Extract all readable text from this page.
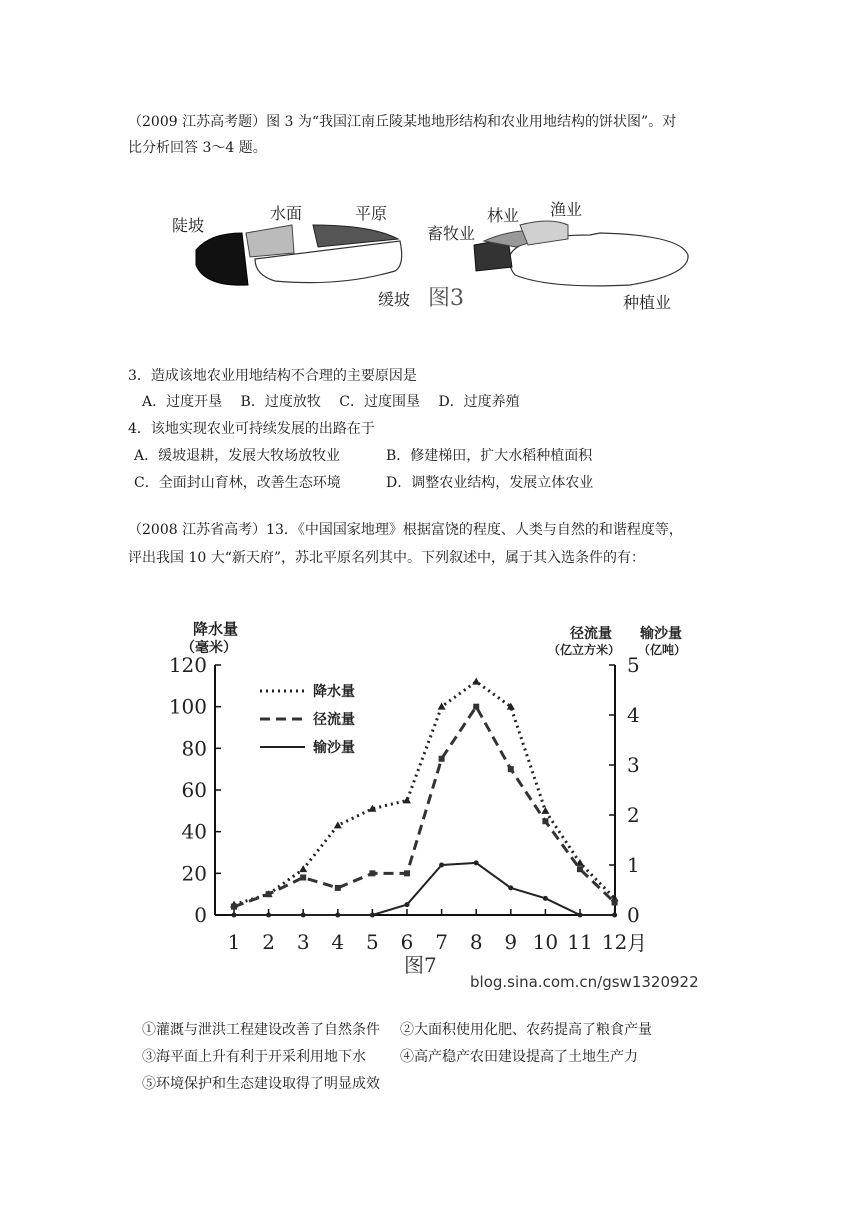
（2009 江苏高考题）图 3 为“我国江南丘陵某地地形结构和农业用地结构的饼状图”。对
比分析回答 3～4 题。
陡坡
水面	平原
缓坡
畜牧业
林业 渔业
种植业
图3
3．造成该地农业用地结构不合理的主要原因是
A．过度开垦　 B．过度放牧　 C．过度围垦　 D．过度养殖
4．该地实现农业可持续发展的出路在于
A．缓坡退耕，发展大牧场放牧业	B．修建梯田，扩大水稻种植面积
C．全面封山育林，改善生态环境	D．调整农业结构，发展立体农业
（2008 江苏省高考）13．《中国国家地理》根据富饶的程度、人类与自然的和谐程度等，
评出我国 10 大“新天府”，苏北平原名列其中。下列叙述中，属于其入选条件的有：
降水量
（毫米）
径流量
（亿立方米）
输沙量
（亿吨）
0
20
40
60
80
100
120
0
1
2
3
4
5
1 2 3 4 5 6 7 8 9 10 11 12
降水量
径流量
输沙量
月
图7
blog.sina.com.cn/gsw1320922
①灌溉与泄洪工程建设改善了自然条件 ②大面积使用化肥、农药提高了粮食产量
③海平面上升有利于开采利用地下水 ④高产稳产农田建设提高了土地生产力
⑤环境保护和生态建设取得了明显成效
